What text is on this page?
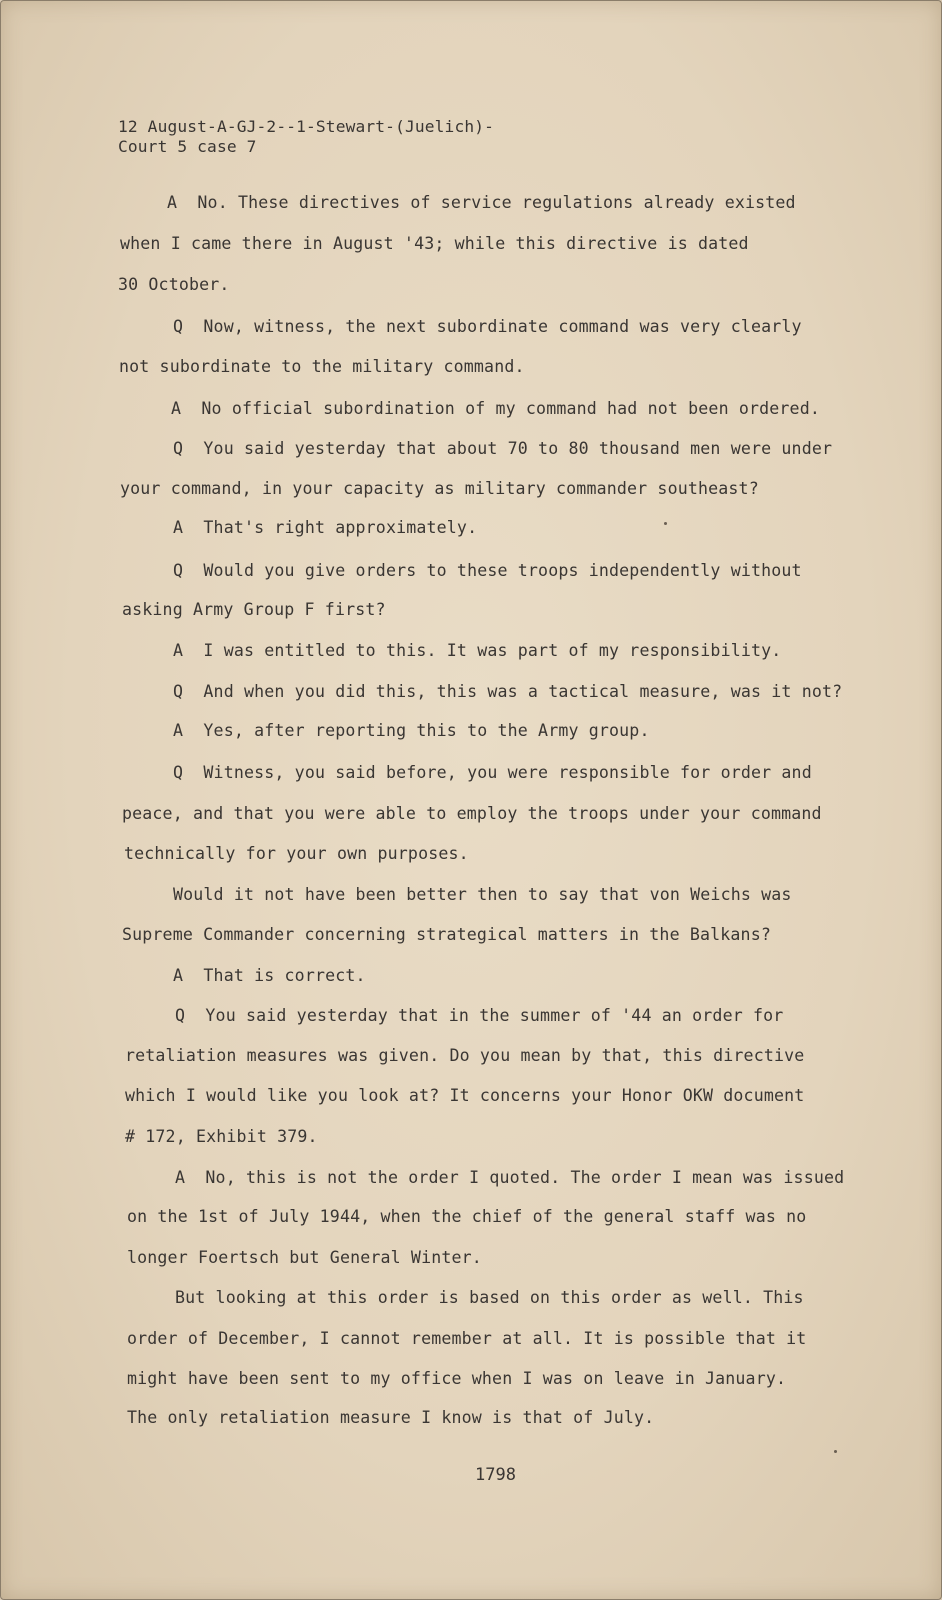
12 August-A-GJ-2--1-Stewart-(Juelich)-
Court 5 case 7
A  No. These directives of service regulations already existed
when I came there in August '43; while this directive is dated
30 October.
Q  Now, witness, the next subordinate command was very clearly
not subordinate to the military command.
A  No official subordination of my command had not been ordered.
Q  You said yesterday that about 70 to 80 thousand men were under
your command, in your capacity as military commander southeast?
A  That's right approximately.
Q  Would you give orders to these troops independently without
asking Army Group F first?
A  I was entitled to this. It was part of my responsibility.
Q  And when you did this, this was a tactical measure, was it not?
A  Yes, after reporting this to the Army group.
Q  Witness, you said before, you were responsible for order and
peace, and that you were able to employ the troops under your command
technically for your own purposes.
Would it not have been better then to say that von Weichs was
Supreme Commander concerning strategical matters in the Balkans?
A  That is correct.
Q  You said yesterday that in the summer of '44 an order for
retaliation measures was given. Do you mean by that, this directive
which I would like you look at? It concerns your Honor OKW document
# 172, Exhibit 379.
A  No, this is not the order I quoted. The order I mean was issued
on the 1st of July 1944, when the chief of the general staff was no
longer Foertsch but General Winter.
But looking at this order is based on this order as well. This
order of December, I cannot remember at all. It is possible that it
might have been sent to my office when I was on leave in January.
The only retaliation measure I know is that of July.
1798
